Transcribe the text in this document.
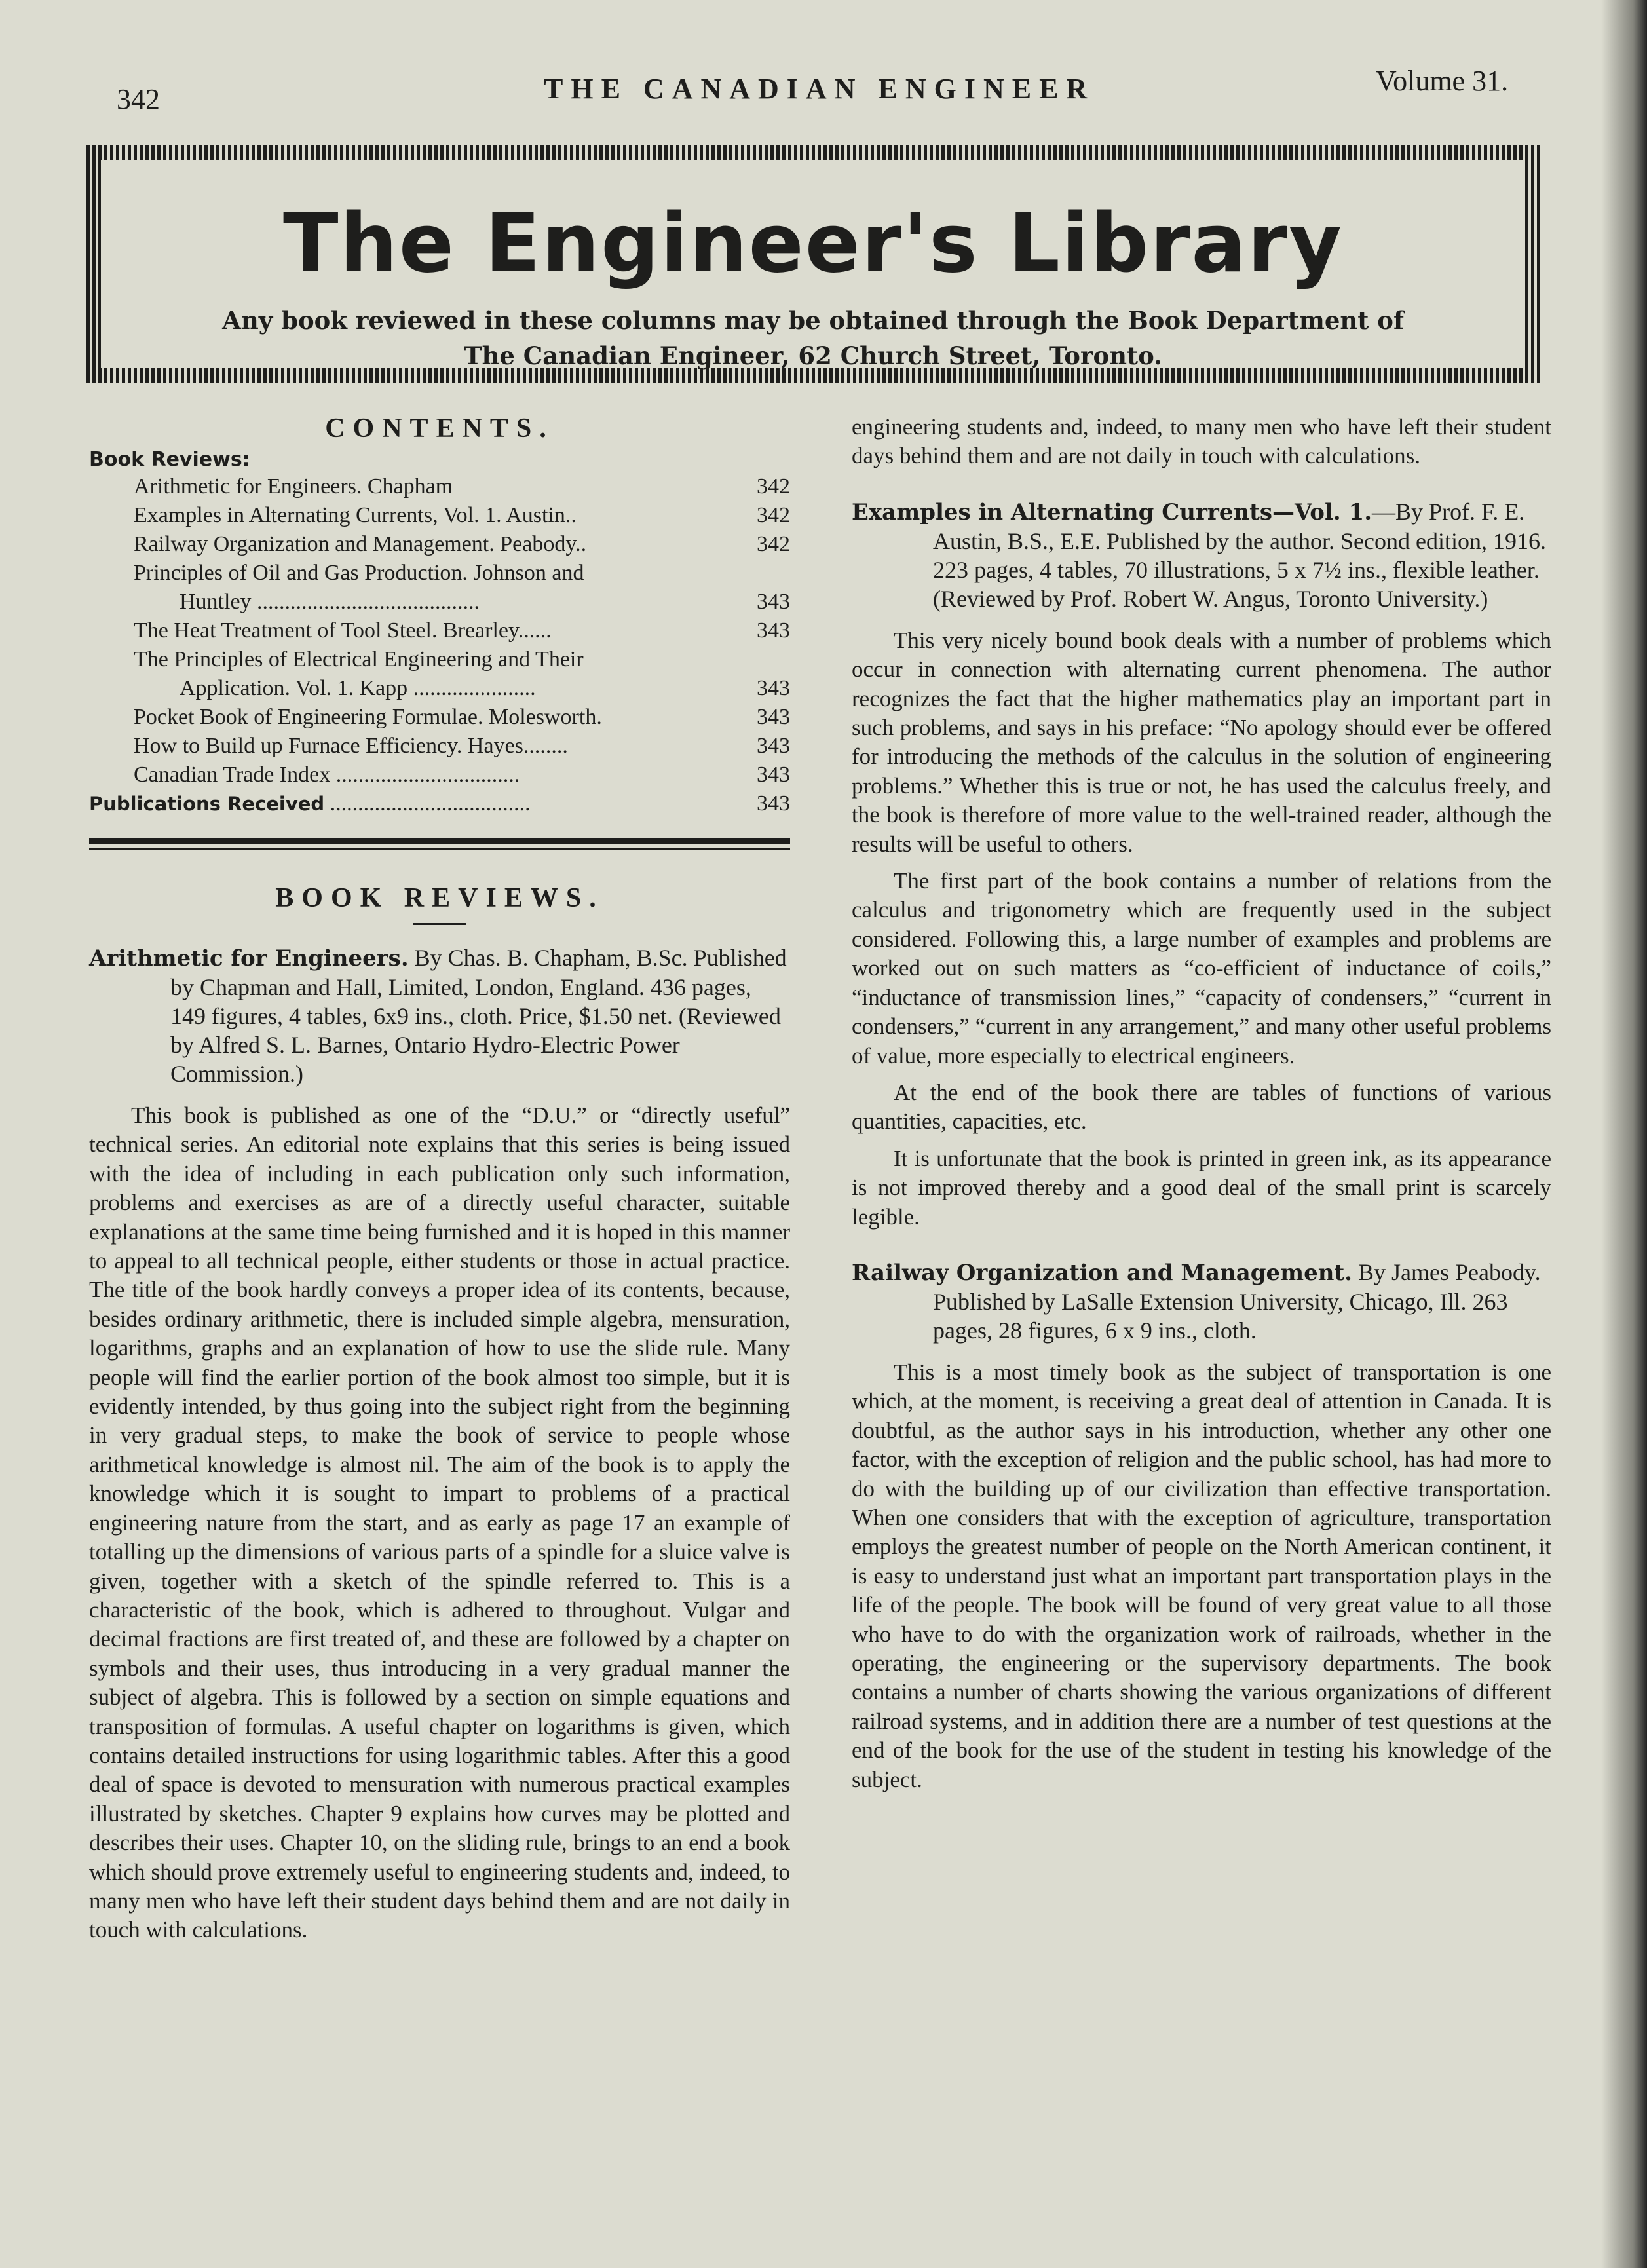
342	THE CANADIAN ENGINEER	Volume 31.
The Engineer's Library
Any book reviewed in these columns may be obtained through the Book Department of
The Canadian Engineer, 62 Church Street, Toronto.
CONTENTS.
Book Reviews:
Arithmetic for Engineers. Chapham	342
Examples in Alternating Currents, Vol. 1. Austin..	342
Railway Organization and Management. Peabody..	342
Principles of Oil and Gas Production. Johnson and
Huntley ........................................	343
The Heat Treatment of Tool Steel. Brearley......	343
The Principles of Electrical Engineering and Their
Application. Vol. 1. Kapp ......................	343
Pocket Book of Engineering Formulae. Molesworth.	343
How to Build up Furnace Efficiency. Hayes........	343
Canadian Trade Index .................................	343
Publications Received ....................................	343
BOOK REVIEWS.
Arithmetic for Engineers. By Chas. B. Chapham, B.Sc. Published by Chapman and Hall, Limited, London, England. 436 pages, 149 figures, 4 tables, 6x9 ins., cloth. Price, $1.50 net. (Reviewed by Alfred S. L. Barnes, Ontario Hydro-Electric Power Commission.)

This book is published as one of the “D.U.” or “directly useful” technical series. An editorial note explains that this series is being issued with the idea of including in each publication only such information, problems and exercises as are of a directly useful character, suitable explanations at the same time being furnished and it is hoped in this manner to appeal to all technical people, either students or those in actual practice. The title of the book hardly conveys a proper idea of its contents, because, besides ordinary arithmetic, there is included simple algebra, mensuration, logarithms, graphs and an explanation of how to use the slide rule. Many people will find the earlier portion of the book almost too simple, but it is evidently intended, by thus going into the subject right from the beginning in very gradual steps, to make the book of service to people whose arithmetical knowledge is almost nil. The aim of the book is to apply the knowledge which it is sought to impart to problems of a practical engineering nature from the start, and as early as page 17 an example of totalling up the dimensions of various parts of a spindle for a sluice valve is given, together with a sketch of the spindle referred to. This is a characteristic of the book, which is adhered to throughout. Vulgar and decimal fractions are first treated of, and these are followed by a chapter on symbols and their uses, thus introducing in a very gradual manner the subject of algebra. This is followed by a section on simple equations and transposition of formulas. A useful chapter on logarithms is given, which contains detailed instructions for using logarithmic tables. After this a good deal of space is devoted to mensuration with numerous practical examples illustrated by sketches. Chapter 9 explains how curves may be plotted and describes their uses. Chapter 10, on the sliding rule, brings to an end a book which should prove extremely useful to engineering students and, indeed, to many men who have left their student days behind them and are not daily in touch with calculations.

engineering students and, indeed, to many men who have left their student days behind them and are not daily in touch with calculations.

Examples in Alternating Currents—Vol. 1.—By Prof. F. E. Austin, B.S., E.E. Published by the author. Second edition, 1916. 223 pages, 4 tables, 70 illustrations, 5 x 7½ ins., flexible leather. (Reviewed by Prof. Robert W. Angus, Toronto University.)

This very nicely bound book deals with a number of problems which occur in connection with alternating current phenomena. The author recognizes the fact that the higher mathematics play an important part in such problems, and says in his preface: “No apology should ever be offered for introducing the methods of the calculus in the solution of engineering problems.” Whether this is true or not, he has used the calculus freely, and the book is therefore of more value to the well-trained reader, although the results will be useful to others.

The first part of the book contains a number of relations from the calculus and trigonometry which are frequently used in the subject considered. Following this, a large number of examples and problems are worked out on such matters as “co-efficient of inductance of coils,” “inductance of transmission lines,” “capacity of condensers,” “current in condensers,” “current in any arrangement,” and many other useful problems of value, more especially to electrical engineers.

At the end of the book there are tables of functions of various quantities, capacities, etc.

It is unfortunate that the book is printed in green ink, as its appearance is not improved thereby and a good deal of the small print is scarcely legible.

Railway Organization and Management. By James Peabody. Published by LaSalle Extension University, Chicago, Ill. 263 pages, 28 figures, 6 x 9 ins., cloth.

This is a most timely book as the subject of transportation is one which, at the moment, is receiving a great deal of attention in Canada. It is doubtful, as the author says in his introduction, whether any other one factor, with the exception of religion and the public school, has had more to do with the building up of our civilization than effective transportation. When one considers that with the exception of agriculture, transportation employs the greatest number of people on the North American continent, it is easy to understand just what an important part transportation plays in the life of the people. The book will be found of very great value to all those who have to do with the organization work of railroads, whether in the operating, the engineering or the supervisory departments. The book contains a number of charts showing the various organizations of different railroad systems, and in addition there are a number of test questions at the end of the book for the use of the student in testing his knowledge of the subject.
